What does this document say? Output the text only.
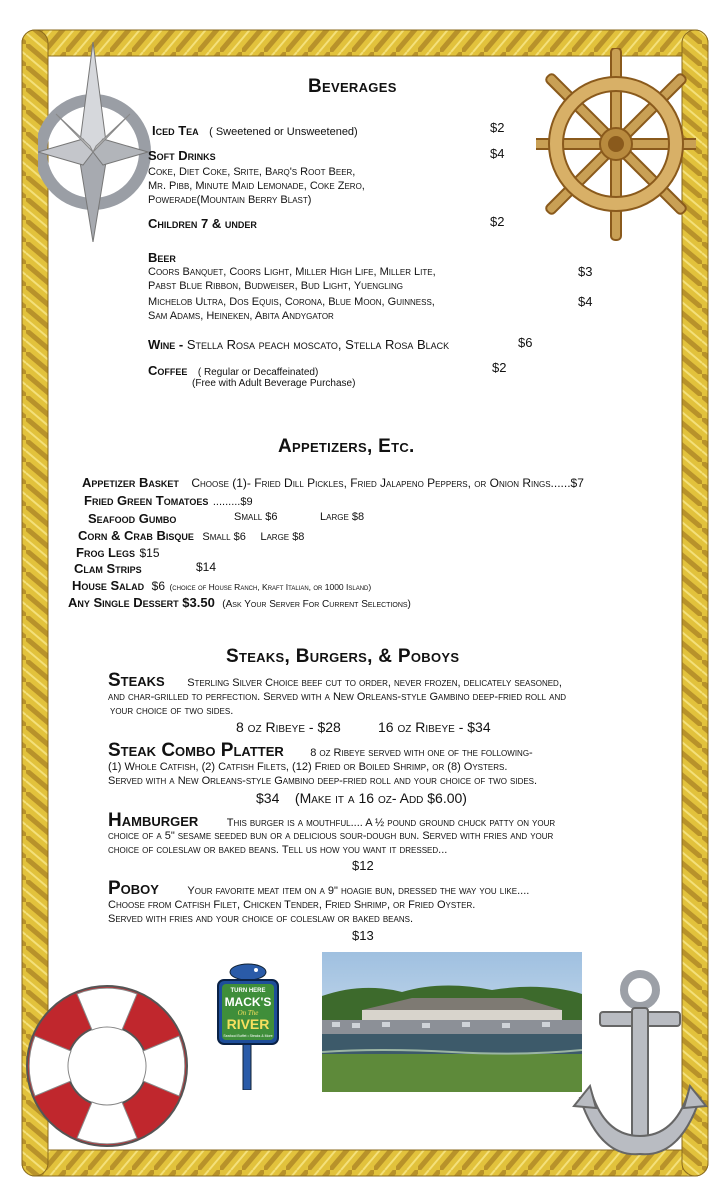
TURN HERE
MACK'S
On The
RIVER
Seafood Buffet • Steaks & More
Beverages
Iced Tea ( Sweetened or Unsweetened)	$2
Soft Drinks	$4
Coke, Diet Coke, Srite, Barq's Root Beer,
Mr. Pibb, Minute Maid Lemonade, Coke Zero,
Powerade(Mountain Berry Blast)
Children 7 & under	$2
Beer
Coors Banquet, Coors Light, Miller High Life, Miller Lite,
Pabst Blue Ribbon, Budweiser, Bud Light, Yuengling
$3
Michelob Ultra, Dos Equis, Corona, Blue Moon, Guinness,
Sam Adams, Heineken, Abita Andygator
$4
Wine - Stella Rosa peach moscato, Stella Rosa Black	$6
Coffee ( Regular or Decaffeinated)	$2
(Free with Adult Beverage Purchase)
Appetizers, Etc.
Appetizer Basket Choose (1)- Fried Dill Pickles, Fried Jalapeno Peppers, or Onion Rings......$7
Fried Green Tomatoes .........$9
Seafood Gumbo	Small $6	Large $8
Corn & Crab Bisque Small $6 Large $8
Frog Legs $15
Clam Strips	$14
House Salad $6 (choice of House Ranch, Kraft Italian, or 1000 Island)
Any Single Dessert $3.50 (Ask Your Server For Current Selections)
Steaks, Burgers, & Poboys
Steaks Sterling Silver Choice beef cut to order, never frozen, delicately seasoned,
and char-grilled to perfection. Served with a New Orleans-style Gambino deep-fried roll and
your choice of two sides.
8 oz Ribeye - $28	16 oz Ribeye - $34
Steak Combo Platter 8 oz Ribeye served with one of the following-
(1) Whole Catfish, (2) Catfish Filets, (12) Fried or Boiled Shrimp, or (8) Oysters.
Served with a New Orleans-style Gambino deep-fried roll and your choice of two sides.
$34    (Make it a 16 oz- Add $6.00)
Hamburger	This burger is a mouthful.... A ½ pound ground chuck patty on your
choice of a 5" sesame seeded bun or a delicious sour-dough bun. Served with fries and your
choice of coleslaw or baked beans. Tell us how you want it dressed...
$12
Poboy	Your favorite meat item on a 9" hoagie bun, dressed the way you like....
Choose from Catfish Filet, Chicken Tender, Fried Shrimp, or Fried Oyster.
Served with fries and your choice of coleslaw or baked beans.
$13
